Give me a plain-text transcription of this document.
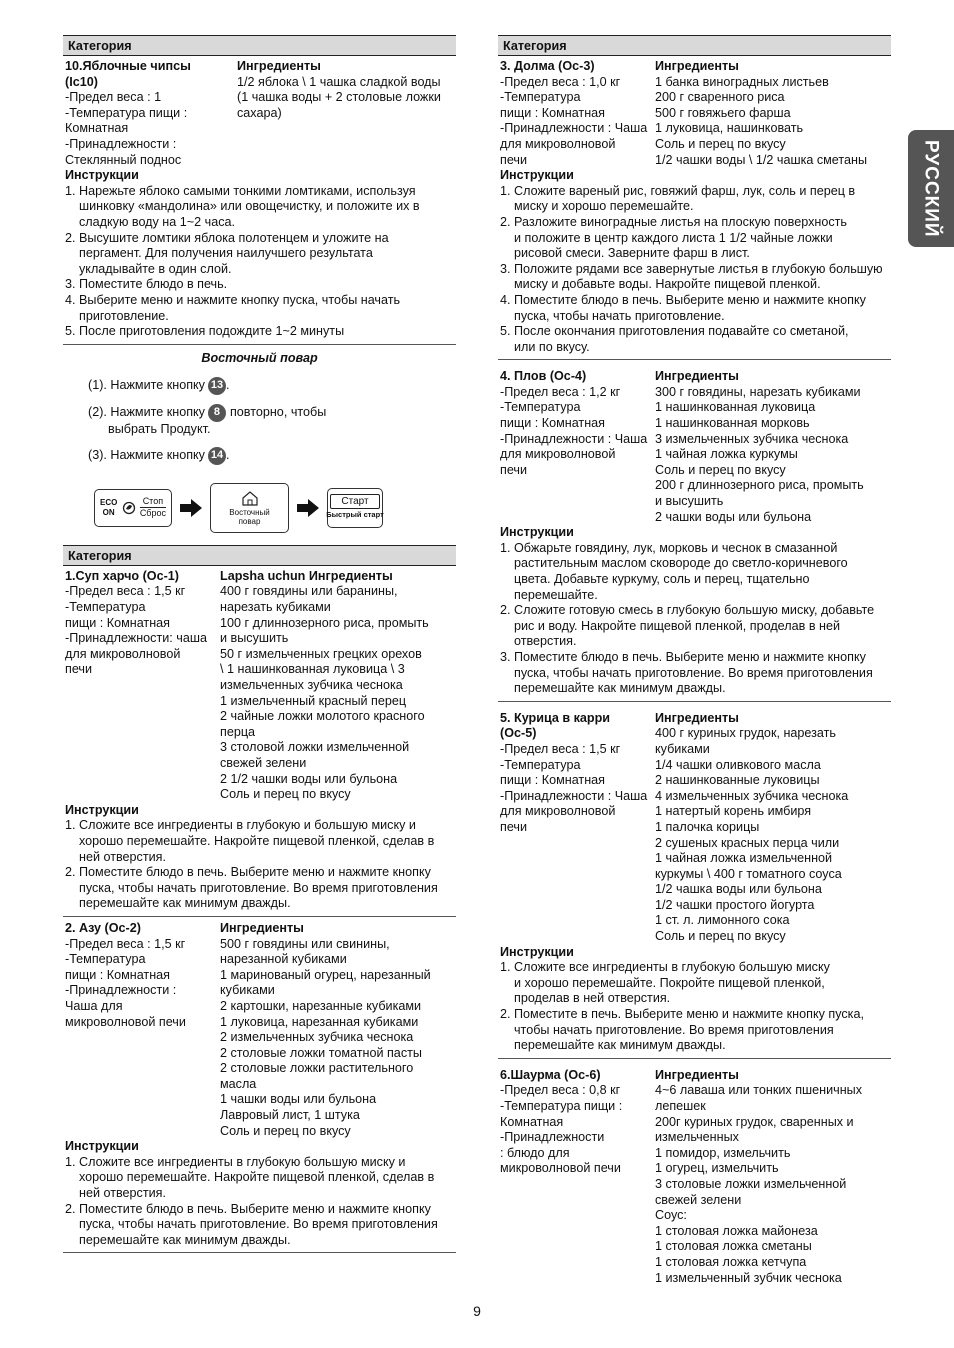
РУССКИЙ
Категория
10.Яблочные чипсы
(Ic10)
-Предел веса : 1
-Температура пищи :
Комнатная
-Принадлежности :
Стеклянный поднос
Ингредиенты
1/2 яблока \ 1 чашка сладкой воды
(1 чашка воды + 2 столовые ложки
сахара)
Инструкции
1. Нарежьте яблоко самыми тонкими ломтиками, используя
шинковку «мандолина» или овощечистку, и положите их в
сладкую воду на 1~2 часа.
2. Высушите ломтики яблока полотенцем и уложите на
пергамент. Для получения наилучшего результата
укладывайте в один слой.
3. Поместите блюдо в печь.
4. Выберите меню и нажмите кнопку пуска, чтобы начать
приготовление.
5. После приготовления подождите 1~2 минуты
Восточный повар
(1). Нажмите кнопку 13 .
(2). Нажмите кнопку 8 повторно, чтобы
выбрать Продукт.
(3). Нажмите кнопку 14 .
ECO
ON
Стоп
Сброс	Восточный
повар
Старт
Быстрый старт
Категория
1.Суп харчо (Oc-1)
-Предел веса : 1,5 кг
-Температура
пищи : Комнатная
-Принадлежности: чаша
для микроволновой
печи
Lapsha uchun Ингредиенты
400 г говядины или баранины,
нарезать кубиками
100 г длиннозерного риса, промыть
и высушить
50 г измельченных грецких орехов
\ 1 нашинкованная луковица \ 3
измельченных зубчика чеснока
1 измельченный красный перец
2 чайные ложки молотого красного
перца
3 столовой ложки измельченной
свежей зелени
2 1/2 чашки воды или бульона
Соль и перец по вкусу
Инструкции
1. Сложите все ингредиенты в глубокую и большую миску и
хорошо перемешайте. Накройте пищевой пленкой, сделав в
ней отверстия.
2. Поместите блюдо в печь. Выберите меню и нажмите кнопку
пуска, чтобы начать приготовление. Во время приготовления
перемешайте как минимум дважды.
2. Азу (Oc-2)
-Предел веса : 1,5 кг
-Температура
пищи : Комнатная
-Принадлежности :
Чаша для
микроволновой печи
Ингредиенты
500 г говядины или свинины,
нарезанной кубиками
1 маринованый огурец, нарезанный
кубиками
2 картошки, нарезанные кубиками
1 луковица, нарезанная кубиками
2 измельченных зубчика чеснока
2 столовые ложки томатной пасты
2 столовые ложки растительного
масла
1 чашки воды или бульона
Лавровый лист, 1 штука
Соль и перец по вкусу
Инструкции
1. Сложите все ингредиенты в глубокую большую миску и
хорошо перемешайте. Накройте пищевой пленкой, сделав в
ней отверстия.
2. Поместите блюдо в печь. Выберите меню и нажмите кнопку
пуска, чтобы начать приготовление. Во время приготовления
перемешайте как минимум дважды.
Категория
3. Долма (Oc-3)
-Предел веса : 1,0 кг
-Температура
пищи : Комнатная
-Принадлежности : Чаша
для микроволновой
печи
Ингредиенты
1 банка виноградных листьев
200 г сваренного риса
500 г говяжьего фарша
1 луковица, нашинковать
Соль и перец по вкусу
1/2 чашки воды \ 1/2 чашка сметаны
Инструкции
1. Сложите вареный рис, говяжий фарш, лук, соль и перец в
миску и хорошо перемешайте.
2. Разложите виноградные листья на плоскую поверхность
и положите в центр каждого листа 1 1/2 чайные ложки
рисовой смеси. Заверните фарш в лист.
3. Положите рядами все завернутые листья в глубокую большую
миску и добавьте воды. Накройте пищевой пленкой.
4. Поместите блюдо в печь. Выберите меню и нажмите кнопку
пуска, чтобы начать приготовление.
5. После окончания приготовления подавайте со сметаной,
или по вкусу.
4. Плов (Oc-4)
-Предел веса : 1,2 кг
-Температура
пищи : Комнатная
-Принадлежности : Чаша
для микроволновой
печи
Ингредиенты
300 г говядины, нарезать кубиками
1 нашинкованная луковица
1 нашинкованная морковь
3 измельченных зубчика чеснока
1 чайная ложка куркумы
Соль и перец по вкусу
200 г длиннозерного риса, промыть
и высушить
2 чашки воды или бульона
Инструкции
1. Обжарьте говядину, лук, морковь и чеснок в смазанной
растительным маслом сковороде до светло-коричневого
цвета. Добавьте куркуму, соль и перец, тщательно
перемешайте.
2. Сложите готовую смесь в глубокую большую миску, добавьте
рис и воду. Накройте пищевой пленкой, проделав в ней
отверстия.
3. Поместите блюдо в печь. Выберите меню и нажмите кнопку
пуска, чтобы начать приготовление. Во время приготовления
перемешайте как минимум дважды.
5. Курица в карри
(Oc-5)
-Предел веса : 1,5 кг
-Температура
пищи : Комнатная
-Принадлежности : Чаша
для микроволновой
печи
Ингредиенты
400 г куриных грудок, нарезать
кубиками
1/4 чашки оливкового масла
2 нашинкованные луковицы
4 измельченных зубчика чеснока
1 натертый корень имбиря
1 палочка корицы
2 сушеных красных перца чили
1 чайная ложка измельченной
куркумы \ 400 г томатного соуса
1/2 чашка воды или бульона
1/2 чашки простого йогурта
1 ст. л. лимонного сока
Соль и перец по вкусу
Инструкции
1. Сложите все ингредиенты в глубокую большую миску
и хорошо перемешайте. Покройте пищевой пленкой,
проделав в ней отверстия.
2. Поместите в печь. Выберите меню и нажмите кнопку пуска,
чтобы начать приготовление. Во время приготовления
перемешайте как минимум дважды.
6.Шаурма (Oc-6)
-Предел веса : 0,8 кг
-Температура пищи :
Комнатная
-Принадлежности
: блюдо для
микроволновой печи
Ингредиенты
4~6 лаваша или тонких пшеничных
лепешек
200г куриных грудок, сваренных и
измельченных
1 помидор, измельчить
1 огурец, измельчить
3 столовые ложки измельченной
свежей зелени
Соус:
1 столовая ложка майонеза
1 столовая ложка сметаны
1 столовая ложка кетчупа
1 измельченный зубчик чеснока
9
